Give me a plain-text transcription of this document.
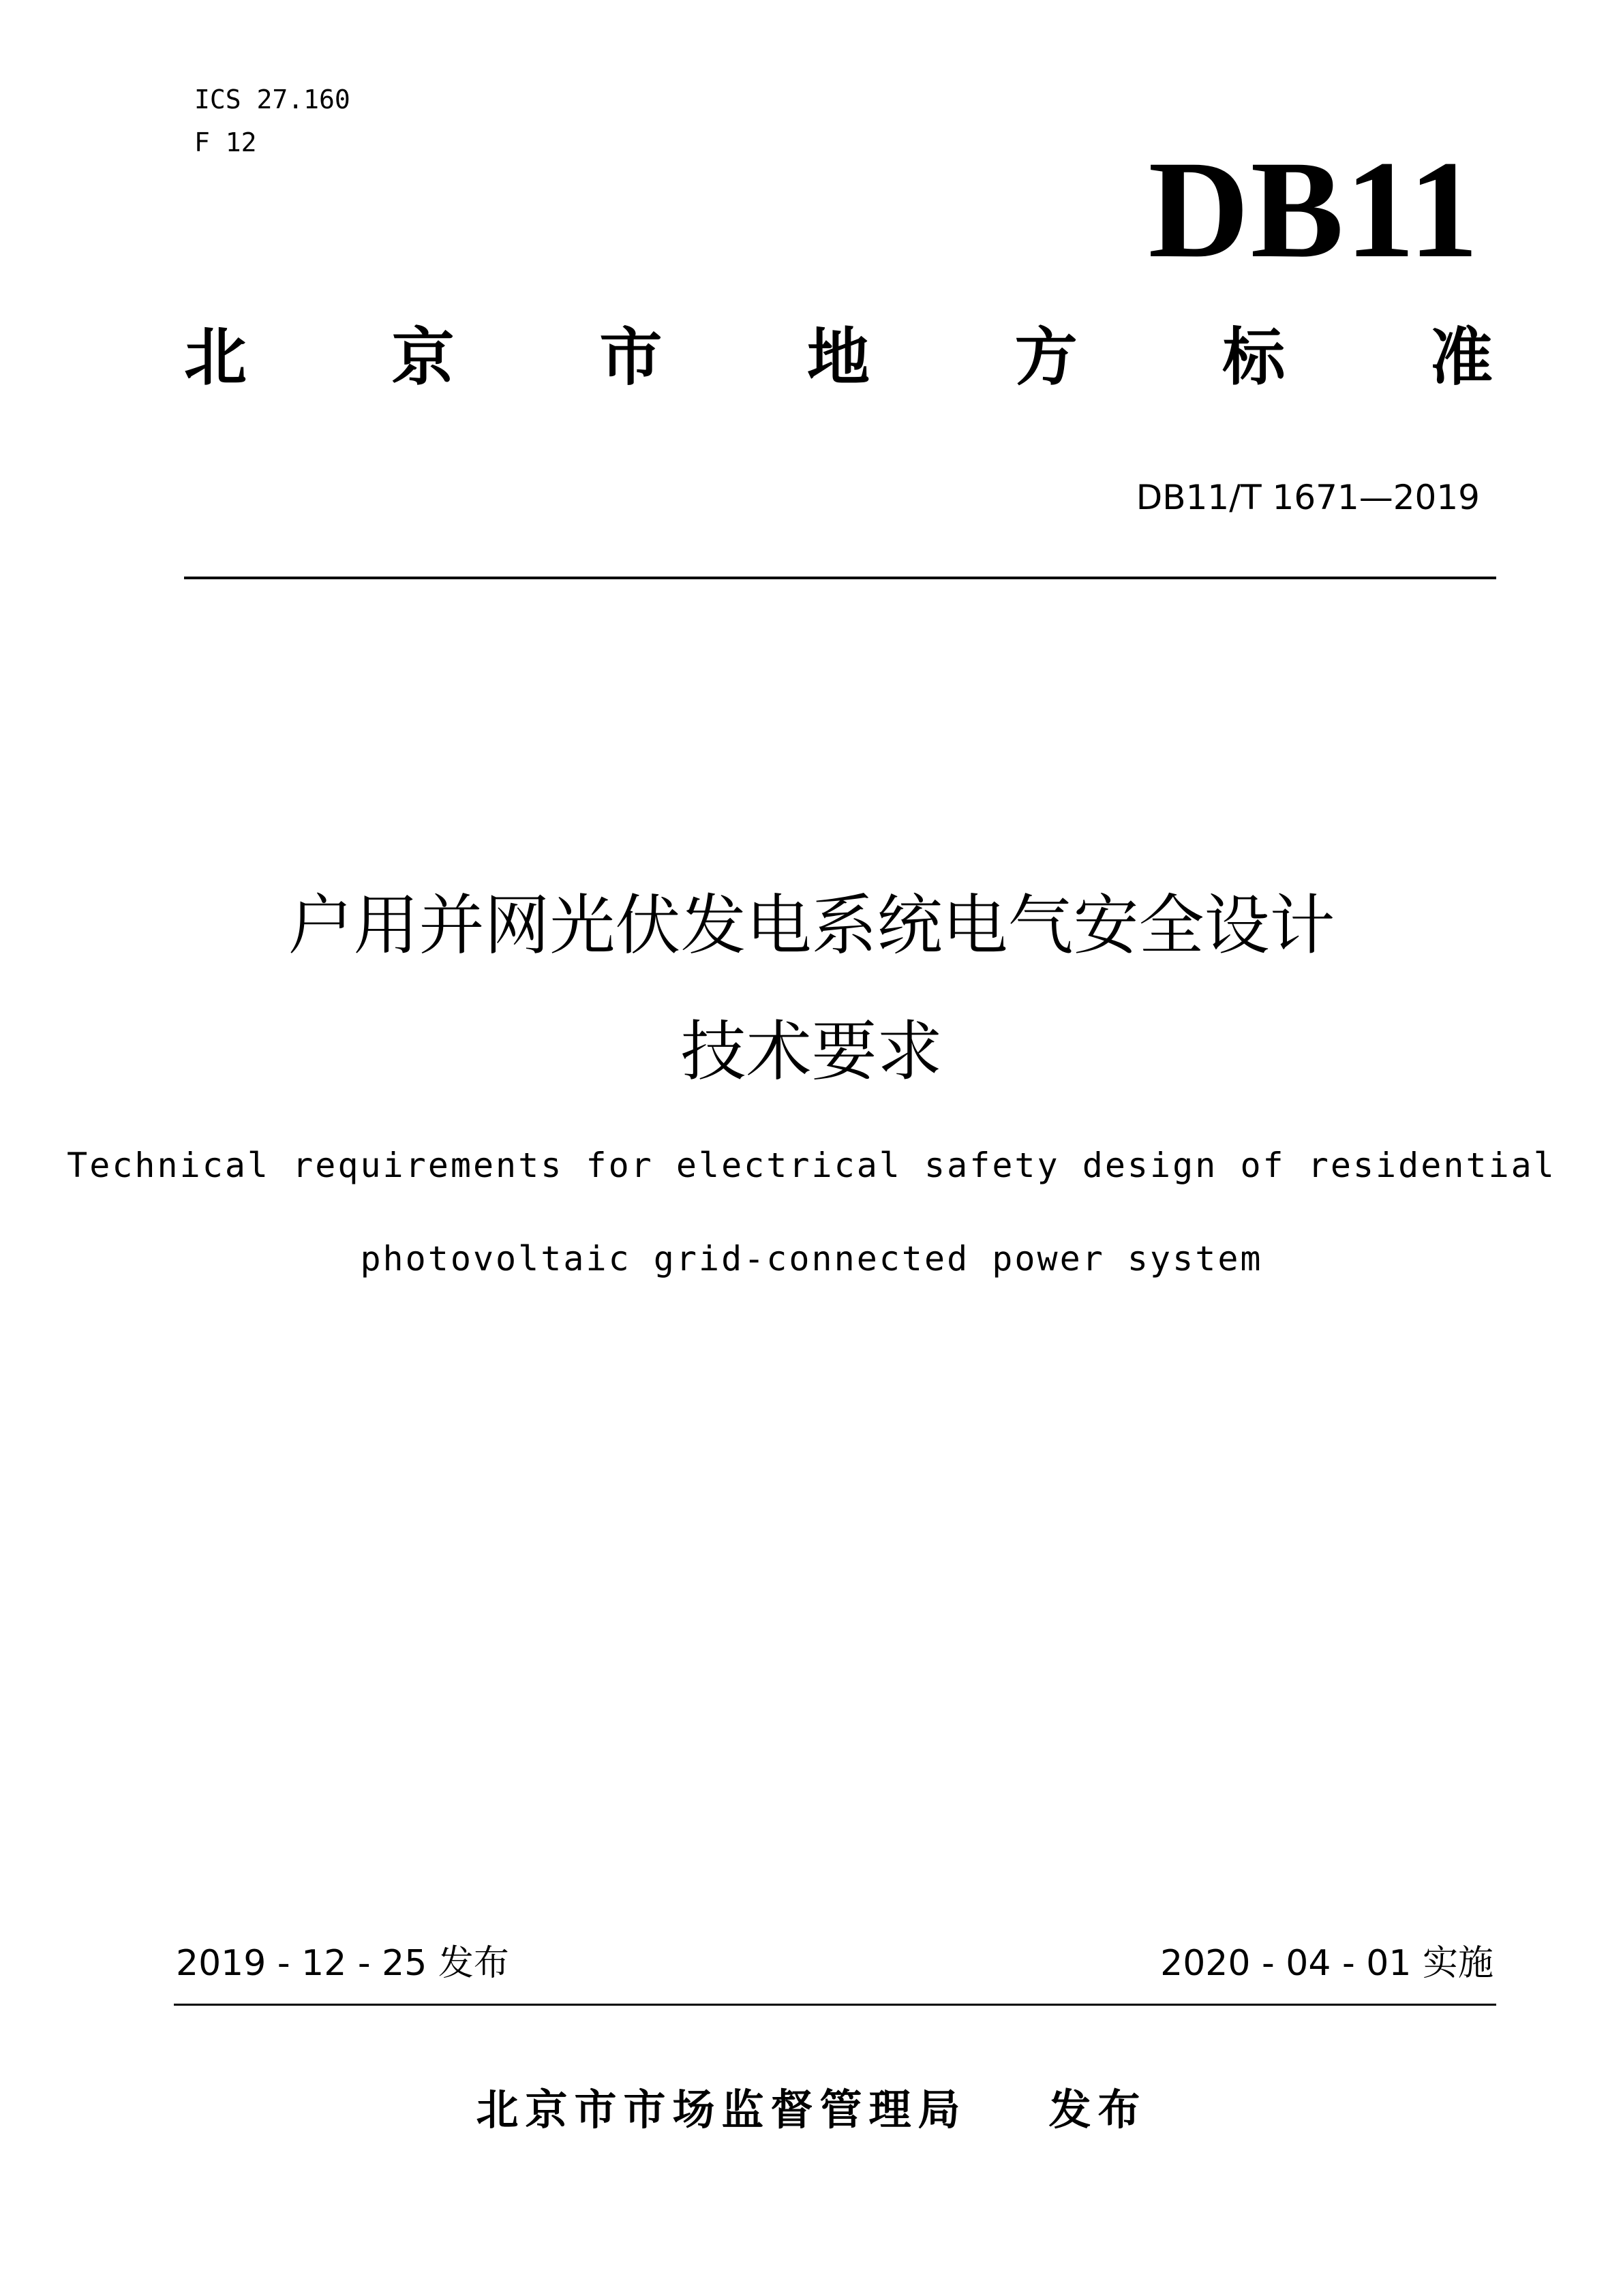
ICS 27.160
F 12	DB11
北 京 市 地 方 标 准
DB11/T 1671—2019
户用并网光伏发电系统电气安全设计
技术要求
Technical requirements for electrical safety design of residential
photovoltaic grid-connected power system
2019 - 12 - 25 发布	2020 - 04 - 01 实施
北京市市场监督管理局 发布
